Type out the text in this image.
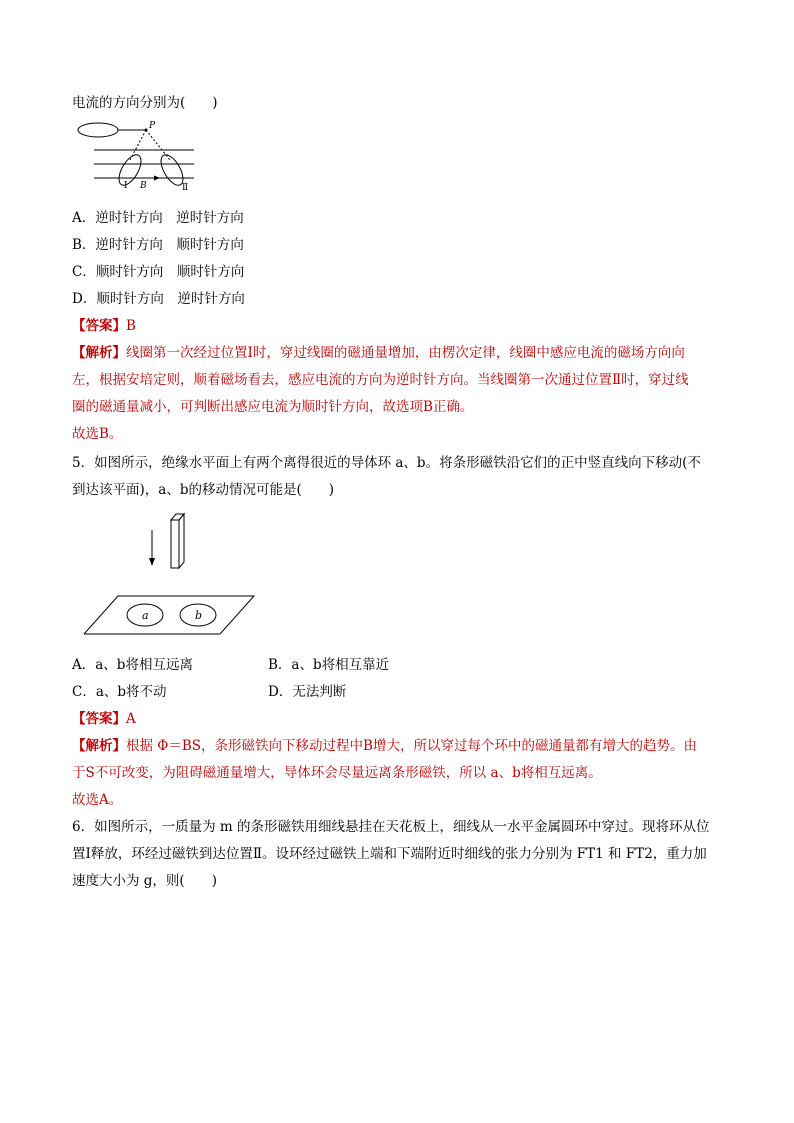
电流的方向分别为(　　)
P
Ⅰ B	Ⅱ
A．逆时针方向　逆时针方向
B．逆时针方向　顺时针方向
C．顺时针方向　顺时针方向
D．顺时针方向　逆时针方向
【答案】B
【解析】线圈第一次经过位置Ⅰ时，穿过线圈的磁通量增加，由楞次定律，线圈中感应电流的磁场方向向
左，根据安培定则，顺着磁场看去，感应电流的方向为逆时针方向。当线圈第一次通过位置Ⅱ时，穿过线
圈的磁通量减小，可判断出感应电流为顺时针方向，故选项B正确。
故选B。
5．如图所示，绝缘水平面上有两个离得很近的导体环 a、b。将条形磁铁沿它们的正中竖直线向下移动(不
到达该平面)，a、b的移动情况可能是(　　)
a	b
A．a、b将相互远离	B．a、b将相互靠近
C．a、b将不动	D．无法判断
【答案】A
【解析】根据 Φ＝BS，条形磁铁向下移动过程中B增大，所以穿过每个环中的磁通量都有增大的趋势。由
于S不可改变，为阻碍磁通量增大，导体环会尽量远离条形磁铁，所以 a、b将相互远离。
故选A。
6．如图所示，一质量为 m 的条形磁铁用细线悬挂在天花板上，细线从一水平金属圆环中穿过。现将环从位
置Ⅰ释放，环经过磁铁到达位置Ⅱ。设环经过磁铁上端和下端附近时细线的张力分别为 FT1 和 FT2，重力加
速度大小为 g，则(　　)
